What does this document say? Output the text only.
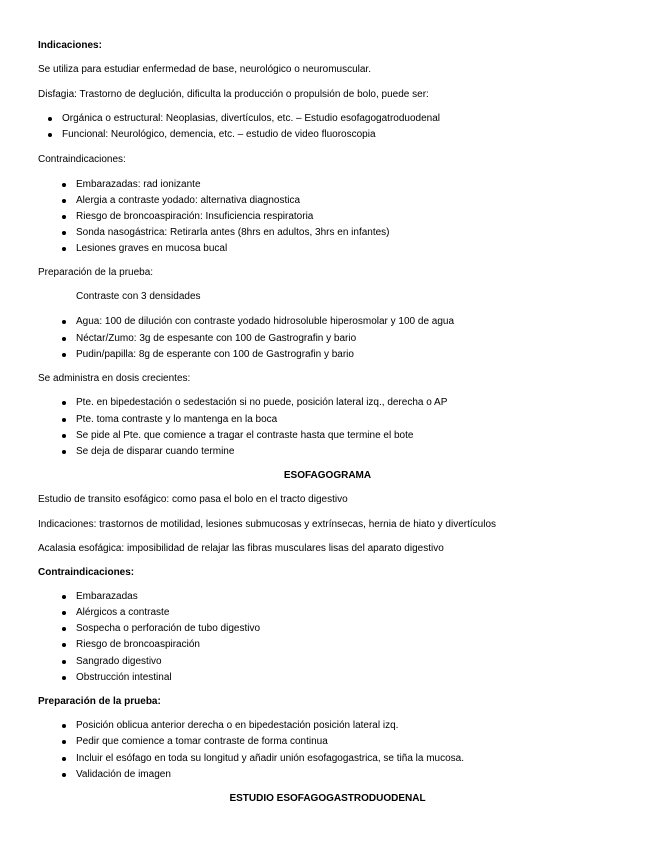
Indicaciones:
Se utiliza para estudiar enfermedad de base, neurológico o neuromuscular.
Disfagia: Trastorno de deglución, dificulta la producción o propulsión de bolo, puede ser:
Orgánica o estructural: Neoplasias, divertículos, etc. – Estudio esofagogatroduodenal
Funcional: Neurológico, demencia, etc. – estudio de video fluoroscopia
Contraindicaciones:
Embarazadas: rad ionizante
Alergia a contraste yodado: alternativa diagnostica
Riesgo de broncoaspiración: Insuficiencia respiratoria
Sonda nasogástrica: Retirarla antes (8hrs en adultos, 3hrs en infantes)
Lesiones graves en mucosa bucal
Preparación de la prueba:
Contraste con 3 densidades
Agua: 100 de dilución con contraste yodado hidrosoluble hiperosmolar y 100 de agua
Néctar/Zumo: 3g de espesante con 100 de Gastrografin y bario
Pudin/papilla: 8g de esperante con 100 de Gastrografin y bario
Se administra en dosis crecientes:
Pte. en bipedestación o sedestación si no puede, posición lateral izq., derecha o AP
Pte. toma contraste y lo mantenga en la boca
Se pide al Pte. que comience a tragar el contraste hasta que termine el bote
Se deja de disparar cuando termine
ESOFAGOGRAMA
Estudio de transito esofágico: como pasa el bolo en el tracto digestivo
Indicaciones: trastornos de motilidad, lesiones submucosas y extrínsecas, hernia de hiato y divertículos
Acalasia esofágica: imposibilidad de relajar las fibras musculares lisas del aparato digestivo
Contraindicaciones:
Embarazadas
Alérgicos a contraste
Sospecha o perforación de tubo digestivo
Riesgo de broncoaspiración
Sangrado digestivo
Obstrucción intestinal
Preparación de la prueba:
Posición oblicua anterior derecha o en bipedestación posición lateral izq.
Pedir que comience a tomar contraste de forma continua
Incluir el esófago en toda su longitud y añadir unión esofagogastrica, se tiña la mucosa.
Validación de imagen
ESTUDIO ESOFAGOGASTRODUODENAL
